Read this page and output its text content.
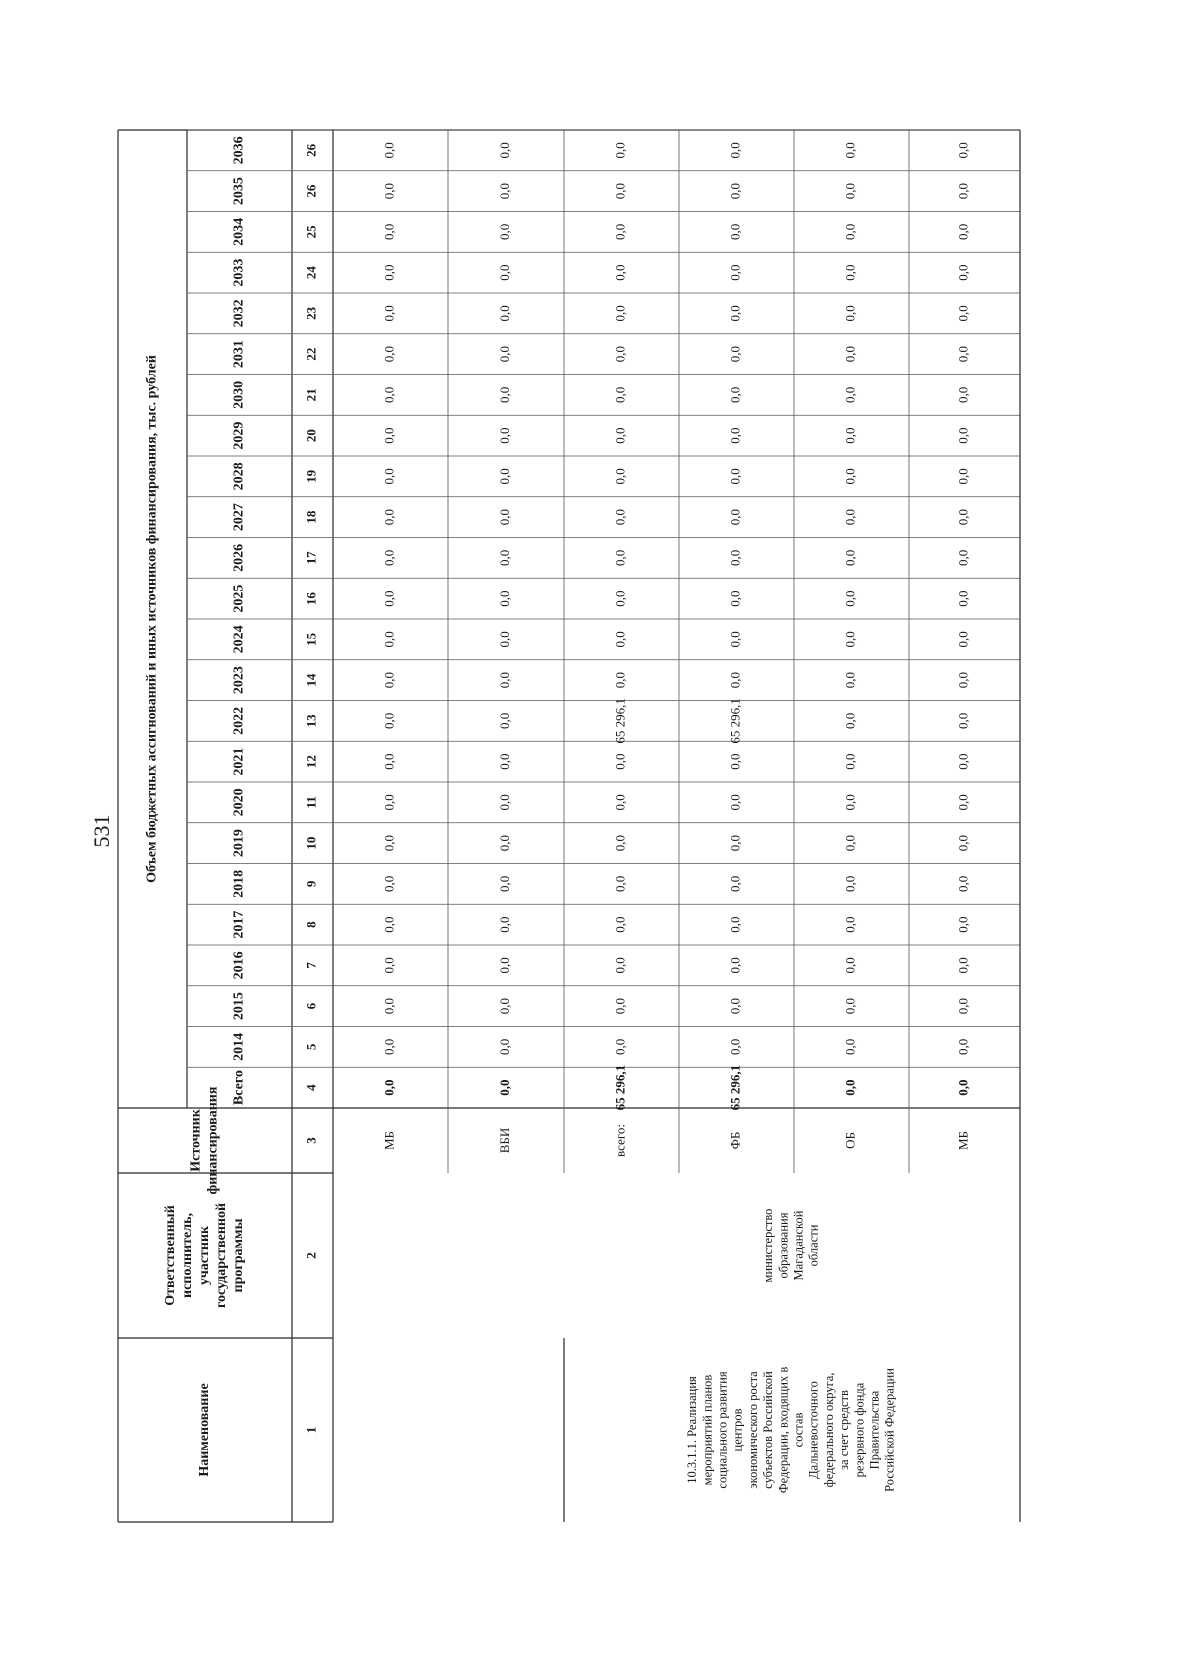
531
Наименование
Ответственный исполнитель, участник государственной программы
Источник финансирования
Объем бюджетных ассигнований и иных источников финансирования, тыс. рублей
Всего
2014
2015
2016
2017
2018
2019
2020
2021
2022
2023
2024
2025
2026
2027
2028
2029
2030
2031
2032
2033
2034
2035
2036
1
2
3
4
5
6
7
8
9
10
11
12
13
14
15
16
17
18
19
20
21
22
23
24
25
26
26
МБ
0,0
0,0
0,0
0,0
0,0
0,0
0,0
0,0
0,0
0,0
0,0
0,0
0,0
0,0
0,0
0,0
0,0
0,0
0,0
0,0
0,0
0,0
0,0
0,0
ВБИ
0,0
0,0
0,0
0,0
0,0
0,0
0,0
0,0
0,0
0,0
0,0
0,0
0,0
0,0
0,0
0,0
0,0
0,0
0,0
0,0
0,0
0,0
0,0
0,0
всего:
65 296,1
0,0
0,0
0,0
0,0
0,0
0,0
0,0
0,0
65 296,1
0,0
0,0
0,0
0,0
0,0
0,0
0,0
0,0
0,0
0,0
0,0
0,0
0,0
0,0
ФБ
65 296,1
0,0
0,0
0,0
0,0
0,0
0,0
0,0
0,0
65 296,1
0,0
0,0
0,0
0,0
0,0
0,0
0,0
0,0
0,0
0,0
0,0
0,0
0,0
0,0
ОБ
0,0
0,0
0,0
0,0
0,0
0,0
0,0
0,0
0,0
0,0
0,0
0,0
0,0
0,0
0,0
0,0
0,0
0,0
0,0
0,0
0,0
0,0
0,0
0,0
МБ
0,0
0,0
0,0
0,0
0,0
0,0
0,0
0,0
0,0
0,0
0,0
0,0
0,0
0,0
0,0
0,0
0,0
0,0
0,0
0,0
0,0
0,0
0,0
0,0
10.3.1.1. Реализация мероприятий планов социального развития центров экономического роста субъектов Российской Федерации, входящих в состав Дальневосточного федерального округа, за счет средств резервного фонда Правительства Российской Федерации
министерство образования Магаданской области
